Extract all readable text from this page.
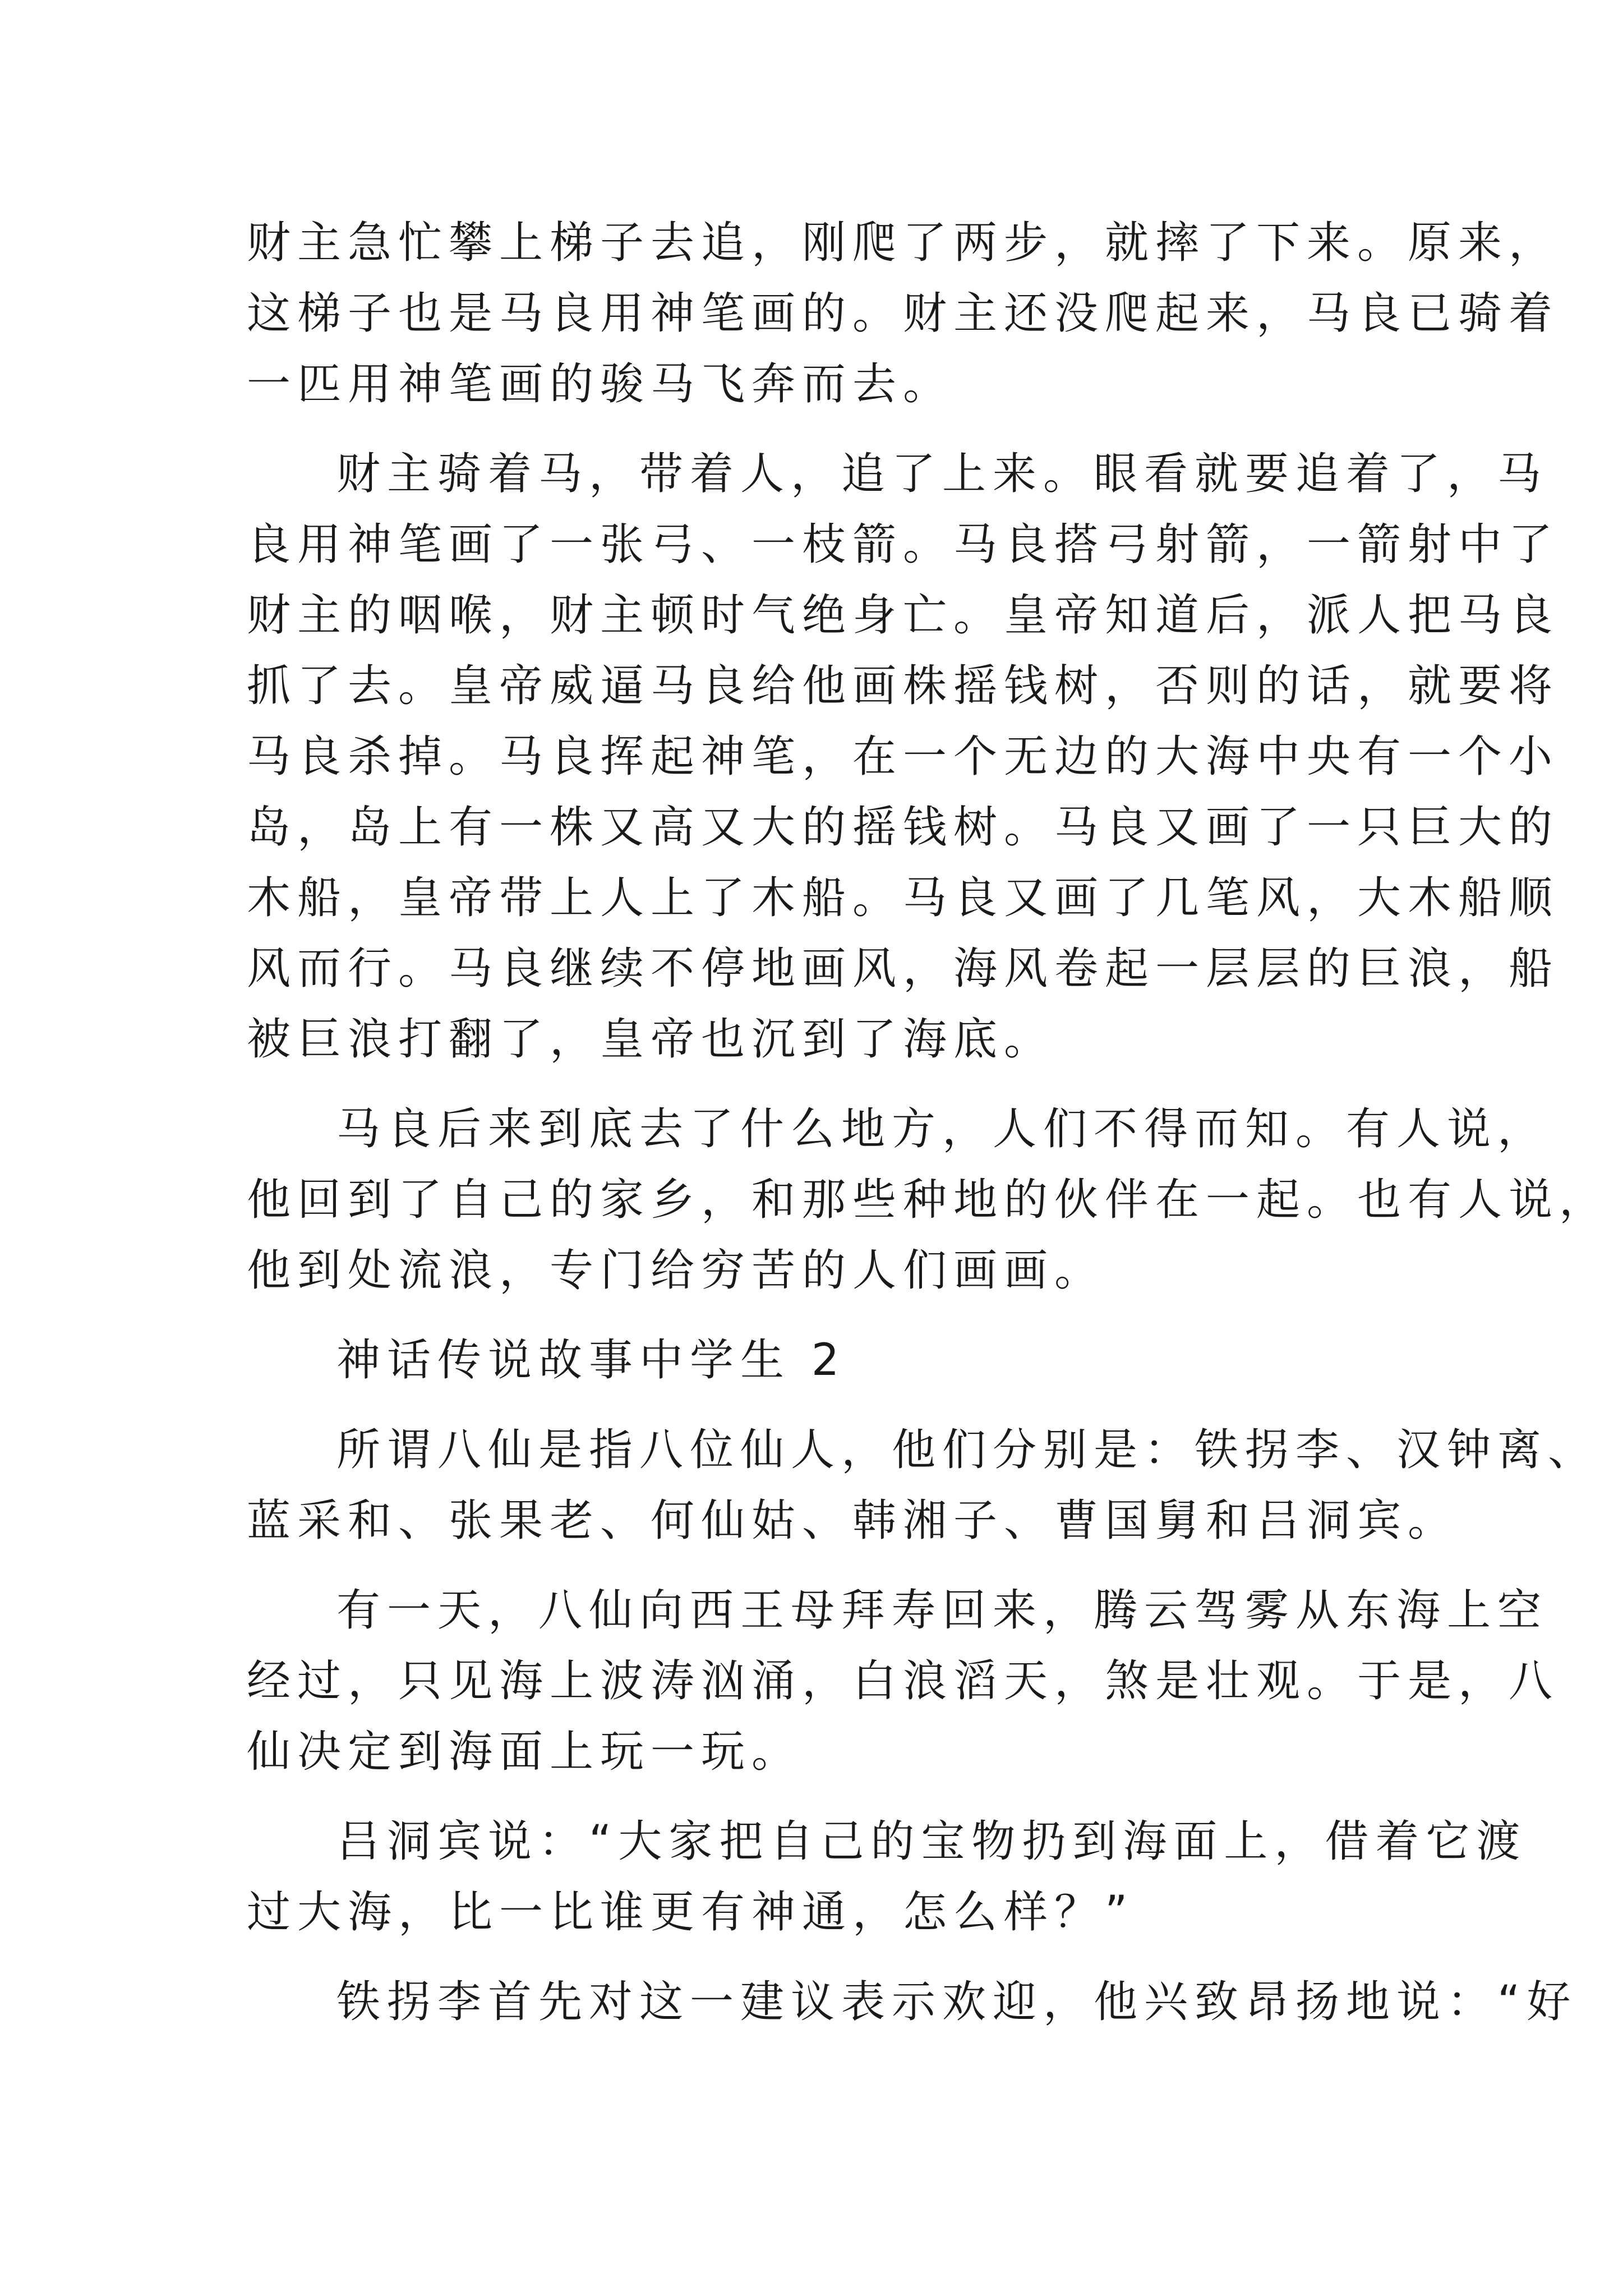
财主急忙攀上梯子去追，刚爬了两步，就摔了下来。原来，
这梯子也是马良用神笔画的。财主还没爬起来，马良已骑着
一匹用神笔画的骏马飞奔而去。
财主骑着马，带着人，追了上来。眼看就要追着了，马
良用神笔画了一张弓、一枝箭。马良搭弓射箭，一箭射中了
财主的咽喉，财主顿时气绝身亡。皇帝知道后，派人把马良
抓了去。皇帝威逼马良给他画株摇钱树，否则的话，就要将
马良杀掉。马良挥起神笔，在一个无边的大海中央有一个小
岛，岛上有一株又高又大的摇钱树。马良又画了一只巨大的
木船，皇帝带上人上了木船。马良又画了几笔风，大木船顺
风而行。马良继续不停地画风，海风卷起一层层的巨浪，船
被巨浪打翻了，皇帝也沉到了海底。
马良后来到底去了什么地方，人们不得而知。有人说，
他回到了自己的家乡，和那些种地的伙伴在一起。也有人说，
他到处流浪，专门给穷苦的人们画画。
神话传说故事中学生 2
所谓八仙是指八位仙人，他们分别是：铁拐李、汉钟离、
蓝采和、张果老、何仙姑、韩湘子、曹国舅和吕洞宾。
有一天，八仙向西王母拜寿回来，腾云驾雾从东海上空
经过，只见海上波涛汹涌，白浪滔天，煞是壮观。于是，八
仙决定到海面上玩一玩。
吕洞宾说：“大家把自己的宝物扔到海面上，借着它渡
过大海，比一比谁更有神通，怎么样？”
铁拐李首先对这一建议表示欢迎，他兴致昂扬地说：“好
